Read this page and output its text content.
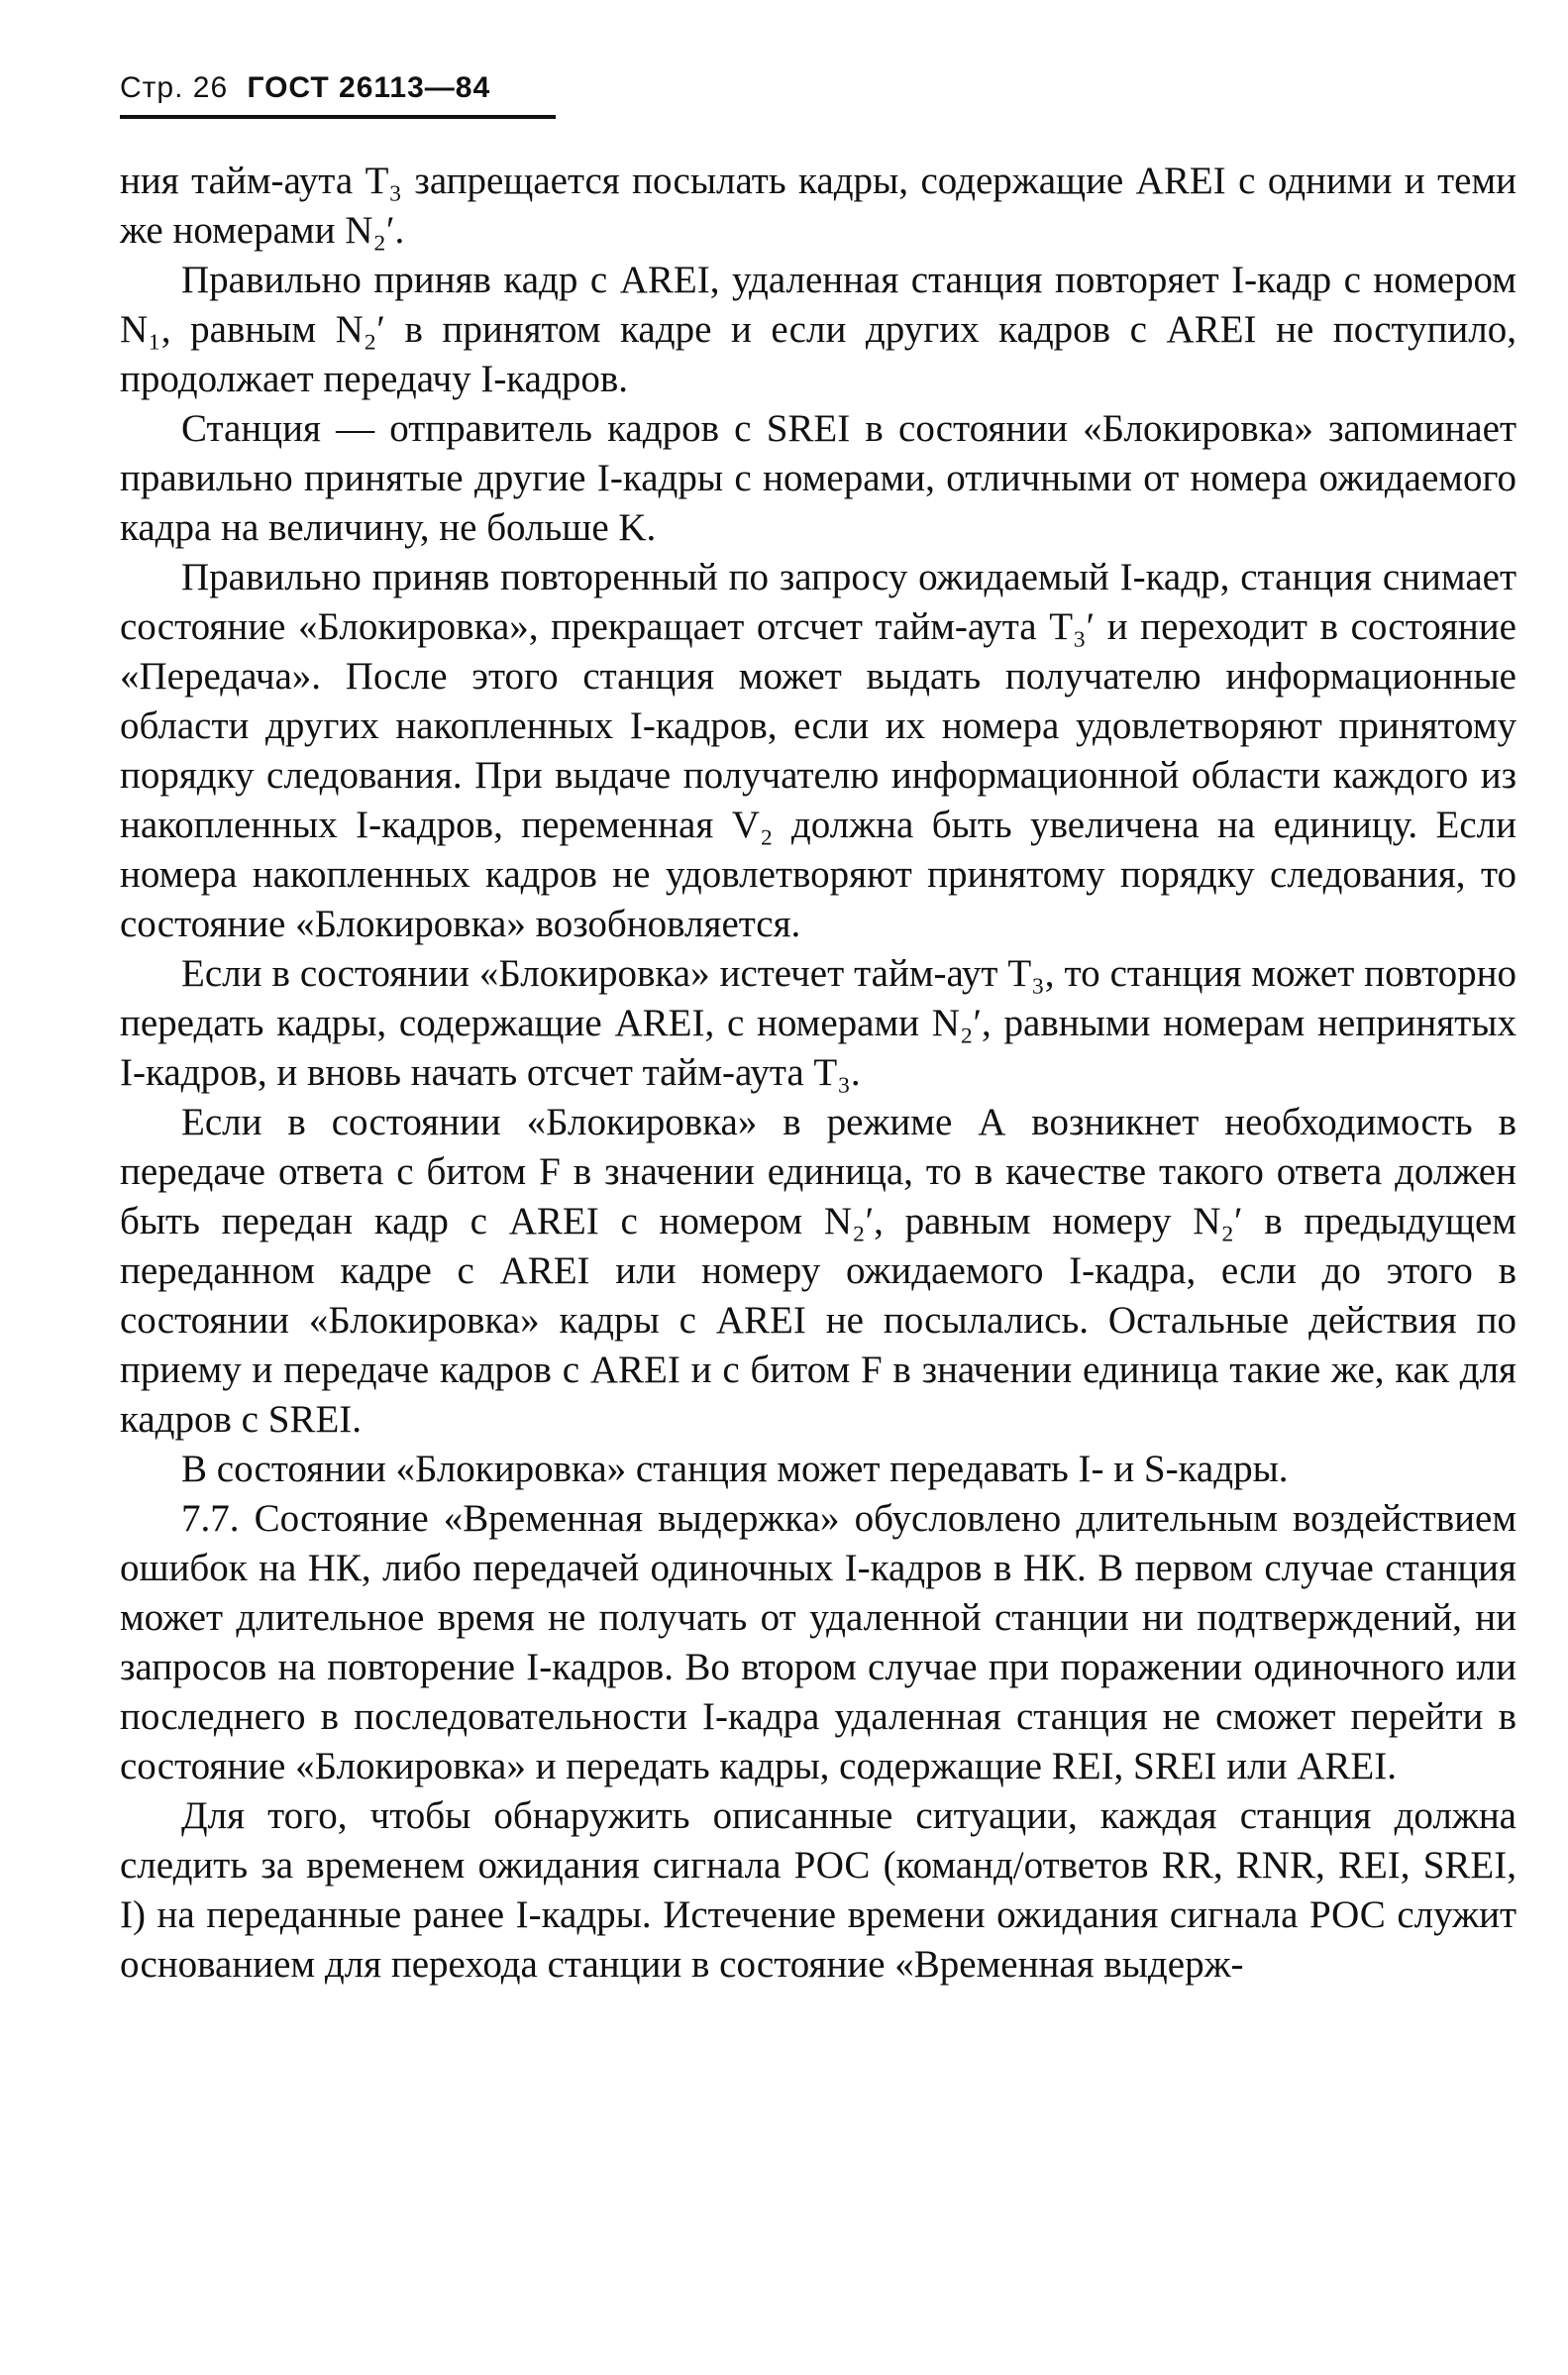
Стр. 26 ГОСТ 26113—84

ния тайм-аута T₃ запрещается посылать кадры, содержащие AREI с одними и теми же номерами N₂′.

Правильно приняв кадр с AREI, удаленная станция повторяет I-кадр с номером N₁, равным N₂′ в принятом кадре и если других кадров с AREI не поступило, продолжает передачу I-кадров.

Станция — отправитель кадров с SREI в состоянии «Блокировка» запоминает правильно принятые другие I-кадры с номерами, отличными от номера ожидаемого кадра на величину, не больше K.

Правильно приняв повторенный по запросу ожидаемый I-кадр, станция снимает состояние «Блокировка», прекращает отсчет тайм-аута T₃′ и переходит в состояние «Передача». После этого станция может выдать получателю информационные области других накопленных I-кадров, если их номера удовлетворяют принятому порядку следования. При выдаче получателю информационной области каждого из накопленных I-кадров, переменная V₂ должна быть увеличена на единицу. Если номера накопленных кадров не удовлетворяют принятому порядку следования, то состояние «Блокировка» возобновляется.

Если в состоянии «Блокировка» истечет тайм-аут T₃, то станция может повторно передать кадры, содержащие AREI, с номерами N₂′, равными номерам непринятых I-кадров, и вновь начать отсчет тайм-аута T₃.

Если в состоянии «Блокировка» в режиме А возникнет необходимость в передаче ответа с битом F в значении единица, то в качестве такого ответа должен быть передан кадр с AREI с номером N₂′, равным номеру N₂′ в предыдущем переданном кадре с AREI или номеру ожидаемого I-кадра, если до этого в состоянии «Блокировка» кадры с AREI не посылались. Остальные действия по приему и передаче кадров с AREI и с битом F в значении единица такие же, как для кадров с SREI.

В состоянии «Блокировка» станция может передавать I- и S-кадры.

7.7. Состояние «Временная выдержка» обусловлено длительным воздействием ошибок на НК, либо передачей одиночных I-кадров в НК. В первом случае станция может длительное время не получать от удаленной станции ни подтверждений, ни запросов на повторение I-кадров. Во втором случае при поражении одиночного или последнего в последовательности I-кадра удаленная станция не сможет перейти в состояние «Блокировка» и передать кадры, содержащие REI, SREI или AREI.

Для того, чтобы обнаружить описанные ситуации, каждая станция должна следить за временем ожидания сигнала РОС (команд/ответов RR, RNR, REI, SREI, I) на переданные ранее I-кадры. Истечение времени ожидания сигнала РОС служит основанием для перехода станции в состояние «Временная выдерж-
